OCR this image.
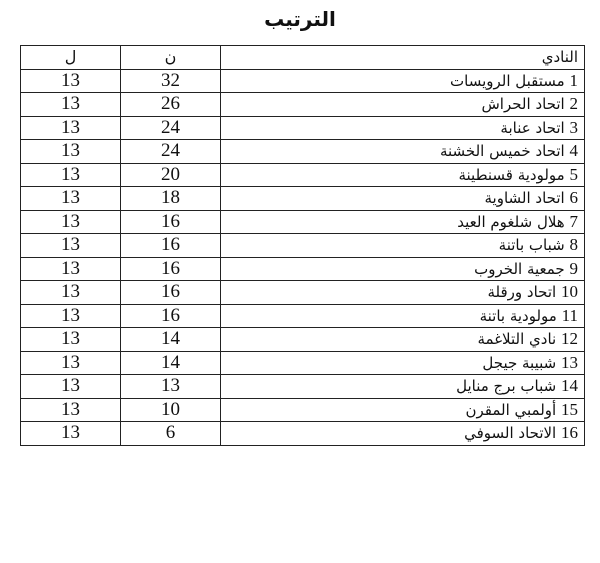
الترتيب
ل	ن	النادي
13	32	1 مستقبل الرويسات
13	26	2 اتحاد الحراش
13	24	3 اتحاد عنابة
13	24	4 اتحاد خميس الخشنة
13	20	5 مولودية قسنطينة
13	18	6 اتحاد الشاوية
13	16	7 هلال شلغوم العيد
13	16	8 شباب باتنة
13	16	9 جمعية الخروب
13	16	10 اتحاد ورقلة
13	16	11 مولودية باتنة
13	14	12 نادي التلاغمة
13	14	13 شبيبة جيجل
13	13	14 شباب برج منايل
13	10	15 أولمبي المقرن
13	6	16 الاتحاد السوفي
